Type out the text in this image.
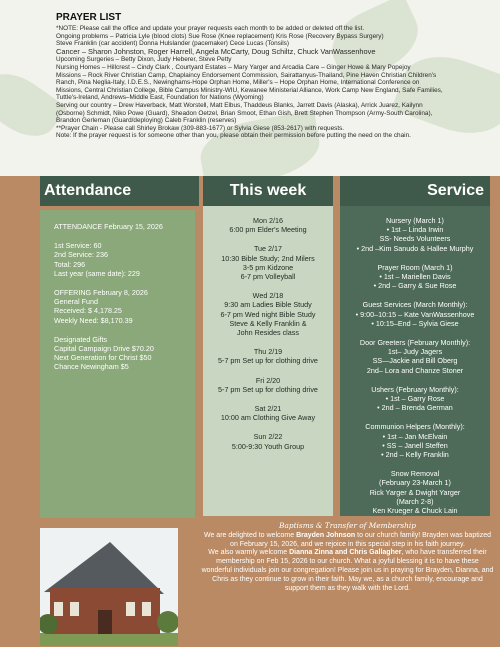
PRAYER LIST

*NOTE: Please call the office and update your prayer requests each month to be added or deleted off the list.

Ongoing problems – Patricia Lyle (blood clots) Sue Rose (Knee replacement) Kris Rose (Recovery Bypass Surgery)

Steve Franklin (car accident) Donna Hulslander (pacemaker) Cece Lucas (Tonsils)

Cancer – Sharon Johnston, Roger Harrell, Angela McCarty, Doug Schiltz, Chuck VanWassenhove

Upcoming Surgeries – Betty Dixon, Judy Heberer, Steve Petty

Nursing Homes – Hillcrest – Cindy Clark , Courtyard Estates – Mary Yarger and Arcadia Care – Ginger Howe & Mary Popejoy

Missions – Rock River Christian Camp, Chaplaincy Endorsement Commission, Sairattanyus-Thailand, Pine Haven Christian Children's Ranch, Pina Neglia-Italy, I.D.E.S., Newinghams-Hope Orphan Home, Miller's – Hope Orphan Home, International Conference on Missions, Central Christian College, Bible Campus Ministry-WIU, Kewanee Ministerial Alliance, Work Camp New England, Safe Families, Tuttle's-Ireland, Andrews–Middle East, Foundation for Nations (Wyoming)

Serving our country – Drew Haverback, Matt Worstell, Matt Elbus, Thaddeus Blanks, Jarrett Davis (Alaska), Arrick Juarez, Kailynn (Osborne) Schmidt, Niko Powe (Guard), Sheadon Oetzel, Brian Smoot, Ethan Gish, Brett Stephen Thompson (Army-South Carolina), Brandon Gerleman (Guard/deploying) Caleb Franklin (reserves)

**Prayer Chain - Please call Shirley Brokaw (309-883-1677) or Sylvia Giese (853-2617) with requests.

Note: If the prayer request is for someone other than you, please obtain their permission before putting the need on the chain.

Attendance	This week	Service

ATTENDANCE February 15, 2026

1st Service: 60

2nd Service: 236

Total: 296

Last year (same date): 229

OFFERING February 8, 2026

General Fund

Received: $ 4,178.25

Weekly Need: $8,170.39

Designated Gifts

Capital Campaign Drive $70.20

Next Generation for Christ $50

Chance Newingham $5

Mon 2/16

6:00 pm Elder's Meeting

Tue 2/17

10:30 Bible Study; 2nd Milers

3-5 pm Kidzone

6-7 pm Volleyball

Wed 2/18

9:30 am Ladies Bible Study

6-7 pm Wed night Bible Study

Steve & Kelly Franklin &

John Resides class

Thu 2/19

5-7 pm Set up for clothing drive

Fri 2/20

5-7 pm Set up for clothing drive

Sat 2/21

10:00 am Clothing Give Away

Sun 2/22

5:00-9:30 Youth Group

Nursery (March 1)

• 1st – Linda Irwin

SS- Needs Volunteers

• 2nd –Kim Sanudo & Hallee Murphy

Prayer Room (March 1)

• 1st – Mariellen Davis

• 2nd – Garry & Sue Rose

Guest Services (March Monthly):

• 9:00–10:15 – Kate VanWassenhove

• 10:15–End – Sylvia Giese

Door Greeters (February Monthly):

1st– Judy Jagers

SS—Jackie and Bill Oberg

2nd– Lora and Chanze Stoner

Ushers (February Monthly):

• 1st – Garry Rose

• 2nd – Brenda German

Communion Helpers (Monthly):

• 1st – Jan McElvain

• SS – Janell Steffen

• 2nd – Kelly Franklin

Snow Removal

(February 23-March 1)

Rick Yarger & Dwight Yarger

(March 2-8)

Ken Krueger & Chuck Lain

Baptisms & Transfer of Membership

We are delighted to welcome Brayden Johnson to our church family! Brayden was baptized on February 15, 2026, and we rejoice in this special step in his faith journey.

We also warmly welcome Dianna Zinna and Chris Gallagher, who have transferred their membership on Feb 15, 2026 to our church. What a joyful blessing it is to have these wonderful individuals join our congregation! Please join us in praying for Brayden, Dianna, and Chris as they continue to grow in their faith. May we, as a church family, encourage and support them as they walk with the Lord.
